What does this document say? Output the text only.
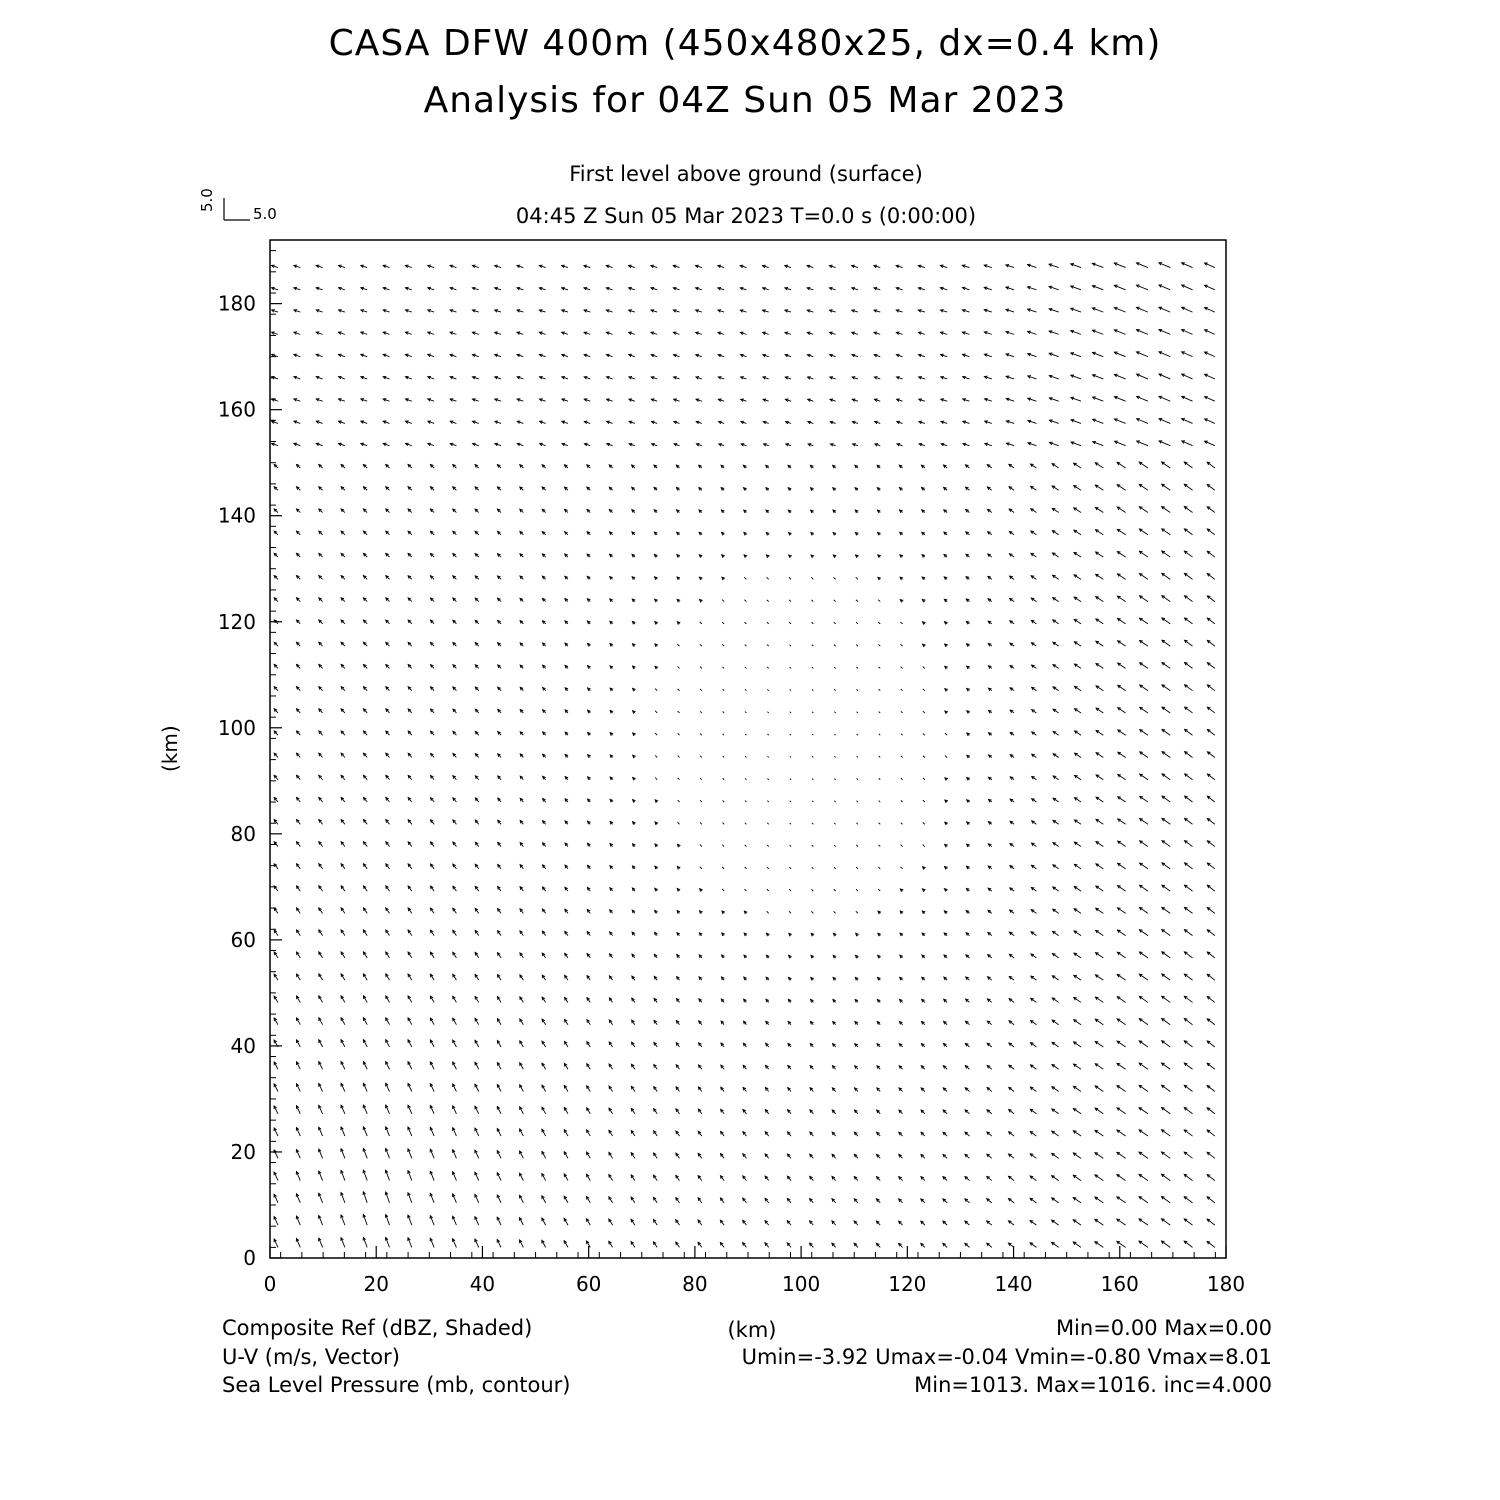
0	20	40	60	80	100	120	140	160	180
0
20
40
60
80
100
120
140
160
180
CASA DFW 400m (450x480x25, dx=0.4 km)
Analysis for 04Z Sun 05 Mar 2023
First level above ground (surface)
04:45 Z Sun 05 Mar 2023 T=0.0 s (0:00:00)
5.0
5.0
(km)
Composite Ref (dBZ, Shaded)	(km)	Min=0.00 Max=0.00
U-V (m/s, Vector)	Umin=-3.92 Umax=-0.04 Vmin=-0.80 Vmax=8.01
Sea Level Pressure (mb, contour)	Min=1013. Max=1016. inc=4.000
